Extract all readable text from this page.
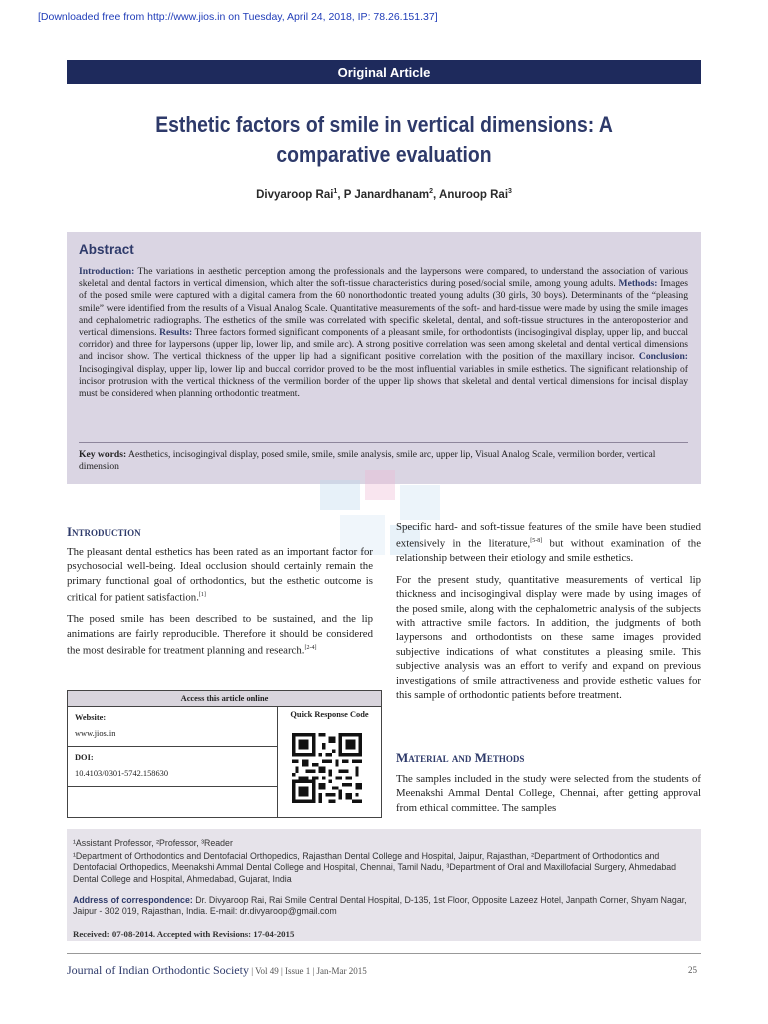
[Downloaded free from http://www.jios.in on Tuesday, April 24, 2018, IP: 78.26.151.37]
Original Article
Esthetic factors of smile in vertical dimensions: A comparative evaluation
Divyaroop Rai$^1$, P Janardhanam$^2$, Anuroop Rai$^3$
Abstract
Introduction: The variations in aesthetic perception among the professionals and the laypersons were compared, to understand the association of various skeletal and dental factors in vertical dimension, which alter the soft-tissue characteristics during posed/social smile, among young adults. Methods: Images of the posed smile were captured with a digital camera from the 60 nonorthodontic treated young adults (30 girls, 30 boys). Determinants of the “pleasing smile” were identified from the results of a Visual Analog Scale. Quantitative measurements of the soft- and hard-tissue were made by using the smile images and cephalometric radiographs. The esthetics of the smile was correlated with specific skeletal, dental, and soft-tissue structures in the anteroposterior and vertical dimensions. Results: Three factors formed significant components of a pleasant smile, for orthodontists (incisogingival display, upper lip, and buccal corridor) and three for laypersons (upper lip, lower lip, and smile arc). A strong positive correlation was seen among skeletal and dental vertical dimensions and incisor show. The vertical thickness of the upper lip had a significant positive correlation with the position of the maxillary incisor. Conclusion: Incisogingival display, upper lip, lower lip and buccal corridor proved to be the most influential variables in smile esthetics. The significant relationship of incisor protrusion with the vertical thickness of the vermilion border of the upper lip shows that skeletal and dental vertical dimensions for incisal display must be considered when planning orthodontic treatment.
Key words: Aesthetics, incisogingival display, posed smile, smile, smile analysis, smile arc, upper lip, Visual Analog Scale, vermilion border, vertical dimension
Introduction

The pleasant dental esthetics has been rated as an important factor for psychosocial well-being. Ideal occlusion should certainly remain the primary functional goal of orthodontics, but the esthetic outcome is critical for patient satisfaction.[1]

The posed smile has been described to be sustained, and the lip animations are fairly reproducible. Therefore it should be considered the most desirable for treatment planning and research.[2-4]

Access this article online
Website:
www.jios.in
DOI:
10.4103/0301-5742.158630
Quick Response Code

Specific hard- and soft-tissue features of the smile have been studied extensively in the literature,[5-8] but without examination of the relationship between their etiology and smile esthetics.

For the present study, quantitative measurements of vertical lip thickness and incisogingival display were made by using images of the posed smile, along with the cephalometric analysis of the subjects with attractive smile factors. In addition, the judgments of both laypersons and orthodontists on these same images provided subjective indications of what constitutes a pleasing smile. This subjective analysis was an effort to verify and expand on previous investigations of smile attractiveness and provide esthetic values for this sample of orthodontic patients before treatment.

Material and Methods

The samples included in the study were selected from the students of Meenakshi Ammal Dental College, Chennai, after getting approval from ethical committee. The samples

¹Assistant Professor, ²Professor, ³Reader
¹Department of Orthodontics and Dentofacial Orthopedics, Rajasthan Dental College and Hospital, Jaipur, Rajasthan, ²Department of Orthodontics and Dentofacial Orthopedics, Meenakshi Ammal Dental College and Hospital, Chennai, Tamil Nadu, ³Department of Oral and Maxillofacial Surgery, Ahmedabad Dental College and Hospital, Ahmedabad, Gujarat, India
Address of correspondence: Dr. Divyaroop Rai, Rai Smile Central Dental Hospital, D-135, 1st Floor, Opposite Lazeez Hotel, Janpath Corner, Shyam Nagar, Jaipur - 302 019, Rajasthan, India. E-mail: dr.divyaroop@gmail.com
Received: 07-08-2014. Accepted with Revisions: 17-04-2015
Journal of Indian Orthodontic Society | Vol 49 | Issue 1 | Jan-Mar 2015	25
